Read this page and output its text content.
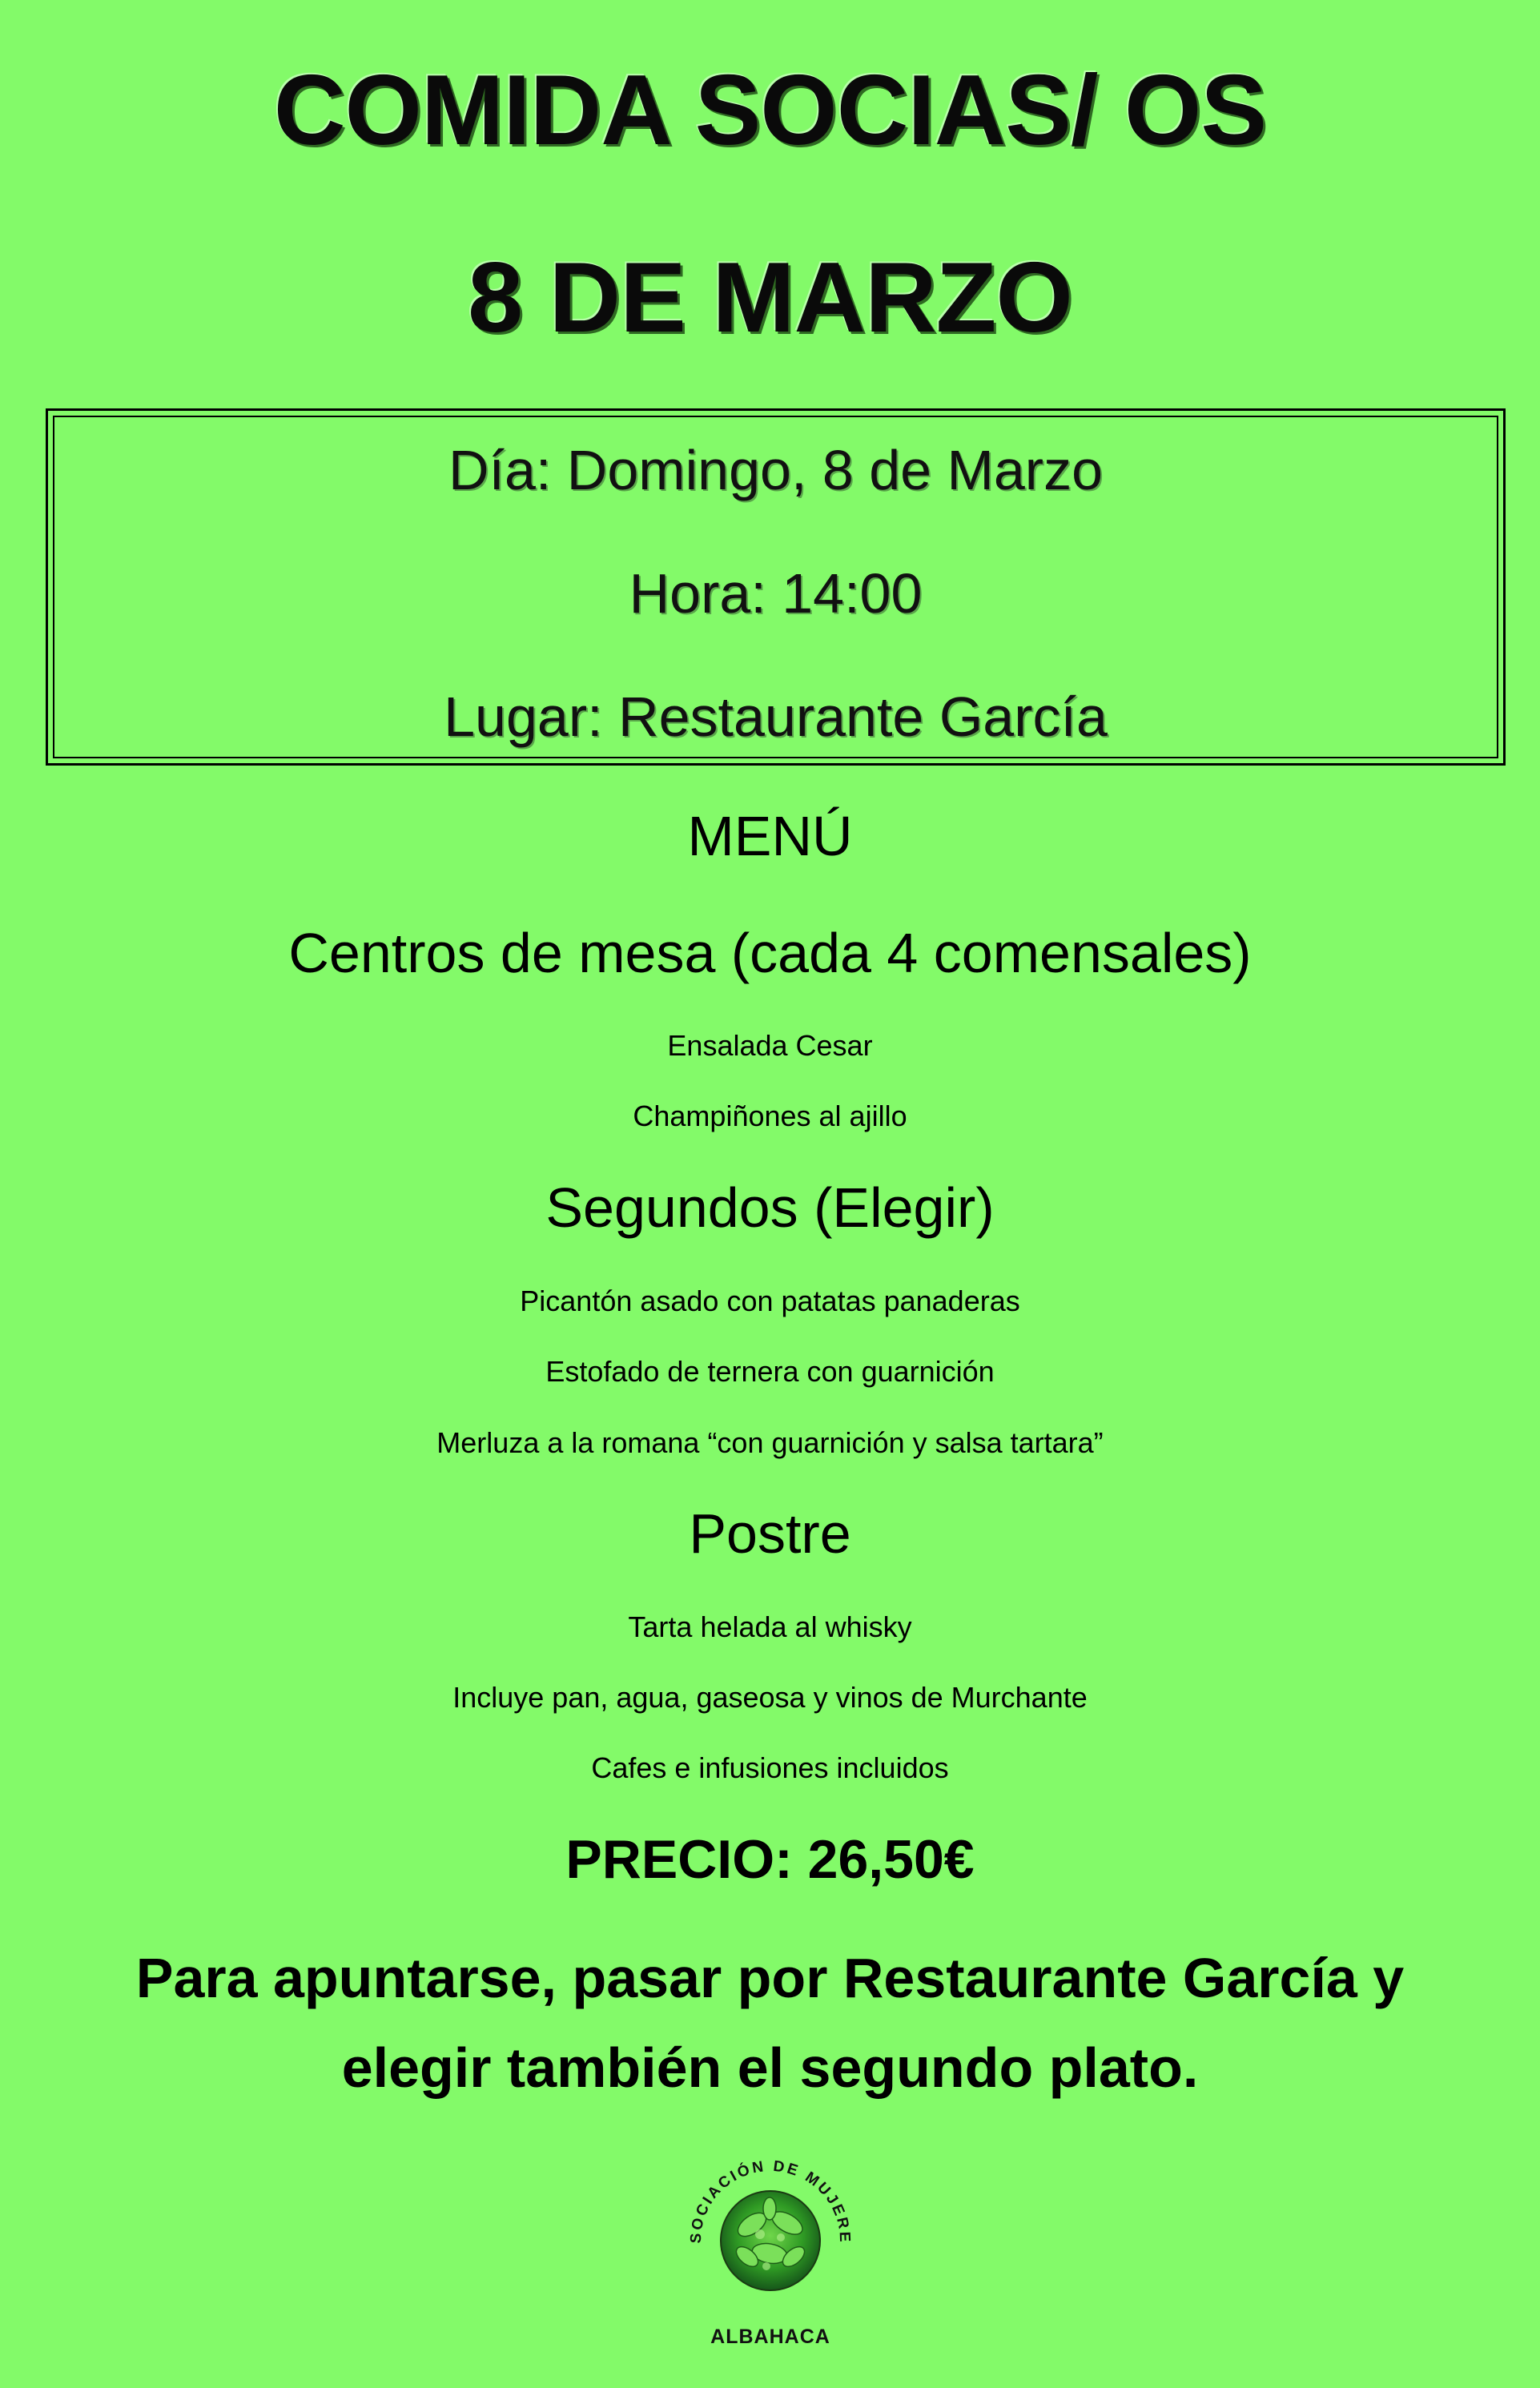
COMIDA SOCIAS/ OS
8 DE MARZO
Día: Domingo, 8 de Marzo
Hora: 14:00
Lugar: Restaurante García
MENÚ
Centros de mesa (cada 4 comensales)
Ensalada Cesar
Champiñones al ajillo
Segundos (Elegir)
Picantón asado con patatas panaderas
Estofado de ternera con guarnición
Merluza a la romana “con guarnición y salsa tartara”
Postre
Tarta helada al whisky
Incluye pan, agua, gaseosa y vinos de Murchante
Cafes e infusiones incluidos
PRECIO: 26,50€
Para apuntarse, pasar por Restaurante García y
elegir también el segundo plato.
SOCIACIÓN DE MUJERE
ALBAHACA
